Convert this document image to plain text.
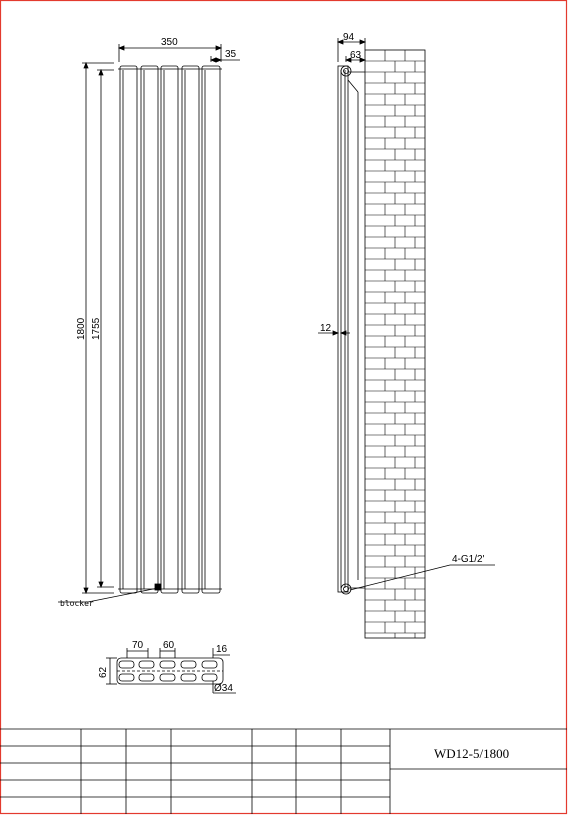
350
35
1800 1755
blocker
94
63
12
4-G1/2'
70 60	16
62
Ø34
WD12-5/1800
